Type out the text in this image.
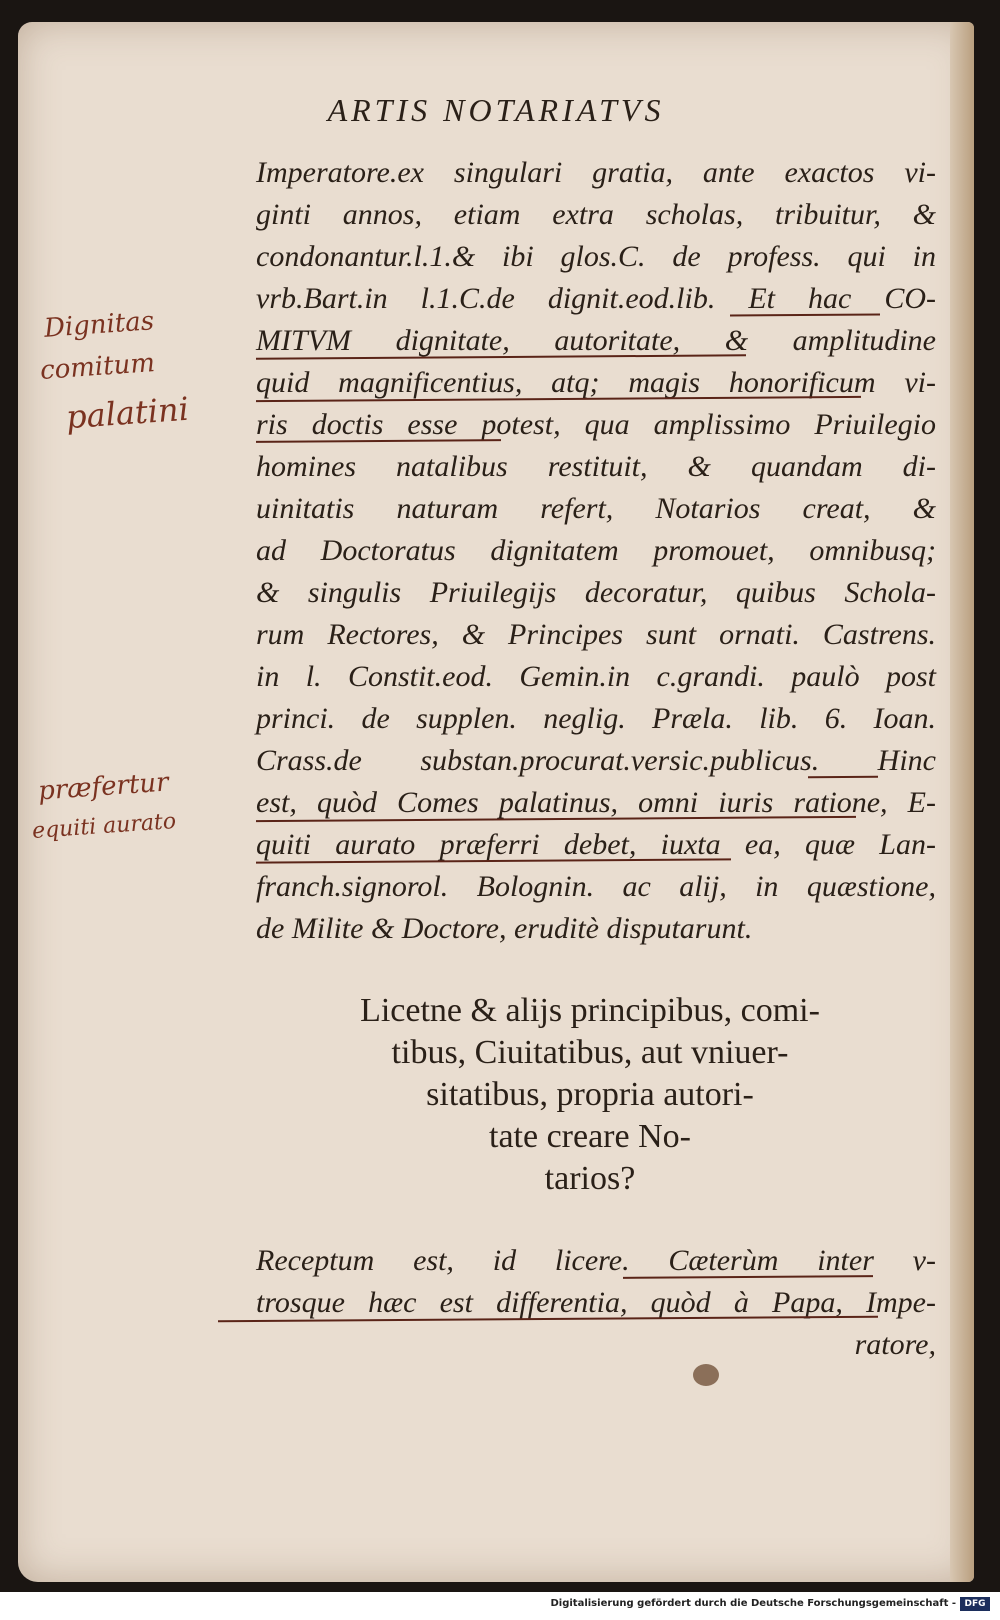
ARTIS NOTARIATVS
Imperatore.ex singulari gratia, ante exactos vi-
ginti annos, etiam extra scholas, tribuitur, &
condonantur.l.1.& ibi glos.C. de profess. qui in
vrb.Bart.in l.1.C.de dignit.eod.lib. Et hac CO-
MITVM dignitate, autoritate, & amplitudine
quid magnificentius, atq; magis honorificum vi-
ris doctis esse potest, qua amplissimo Priuilegio
homines natalibus restituit, & quandam di-
uinitatis naturam refert, Notarios creat, &
ad Doctoratus dignitatem promouet, omnibusq;
& singulis Priuilegijs decoratur, quibus Schola-
rum Rectores, & Principes sunt ornati. Castrens.
in l. Constit.eod. Gemin.in c.grandi. paulò post
princi. de supplen. neglig. Præla. lib. 6. Ioan.
Crass.de substan.procurat.versic.publicus. Hinc
est, quòd Comes palatinus, omni iuris ratione, E-
quiti aurato præferri debet, iuxta ea, quæ Lan-
franch.signorol. Bolognin. ac alij, in quæstione,
de Milite & Doctore, eruditè disputarunt.
Dignitas
comitum
palatini
præfertur
equiti aurato
Licetne & alijs principibus, comi-
tibus, Ciuitatibus, aut vniuer-
sitatibus, propria autori-
tate creare No-
tarios?
Receptum est, id licere. Cæterùm inter v-
trosque hæc est differentia, quòd à Papa, Impe-
ratore,
Digitalisierung gefördert durch die Deutsche Forschungsgemeinschaft - DFG
